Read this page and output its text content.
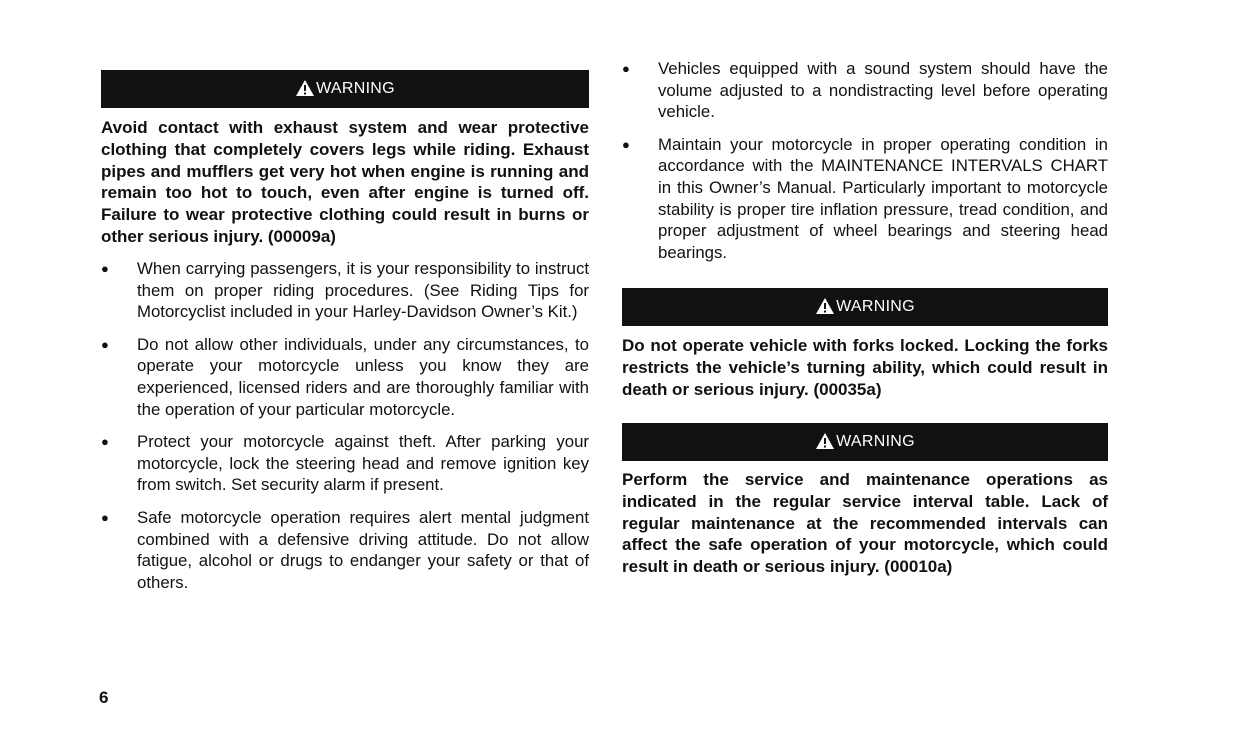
WARNING
Avoid contact with exhaust system and wear protective clothing that completely covers legs while riding. Exhaust pipes and mufflers get very hot when engine is running and remain too hot to touch, even after engine is turned off. Failure to wear protective clothing could result in burns or other serious injury. (00009a)
● When carrying passengers, it is your responsibility to instruct them on proper riding procedures. (See Riding Tips for Motorcyclist included in your Harley-Davidson Owner’s Kit.)
● Do not allow other individuals, under any circumstances, to operate your motorcycle unless you know they are experienced, licensed riders and are thoroughly familiar with the operation of your particular motorcycle.
● Protect your motorcycle against theft. After parking your motorcycle, lock the steering head and remove ignition key from switch. Set security alarm if present.
● Safe motorcycle operation requires alert mental judgment combined with a defensive driving attitude. Do not allow fatigue, alcohol or drugs to endanger your safety or that of others.
● Vehicles equipped with a sound system should have the volume adjusted to a nondistracting level before operating vehicle.
● Maintain your motorcycle in proper operating condition in accordance with the MAINTENANCE INTERVALS CHART in this Owner’s Manual. Particularly important to motorcycle stability is proper tire inflation pressure, tread condition, and proper adjustment of wheel bearings and steering head bearings.
WARNING
Do not operate vehicle with forks locked. Locking the forks restricts the vehicle’s turning ability, which could result in death or serious injury. (00035a)
WARNING
Perform the service and maintenance operations as indicated in the regular service interval table. Lack of regular maintenance at the recommended intervals can affect the safe operation of your motorcycle, which could result in death or serious injury. (00010a)
6
